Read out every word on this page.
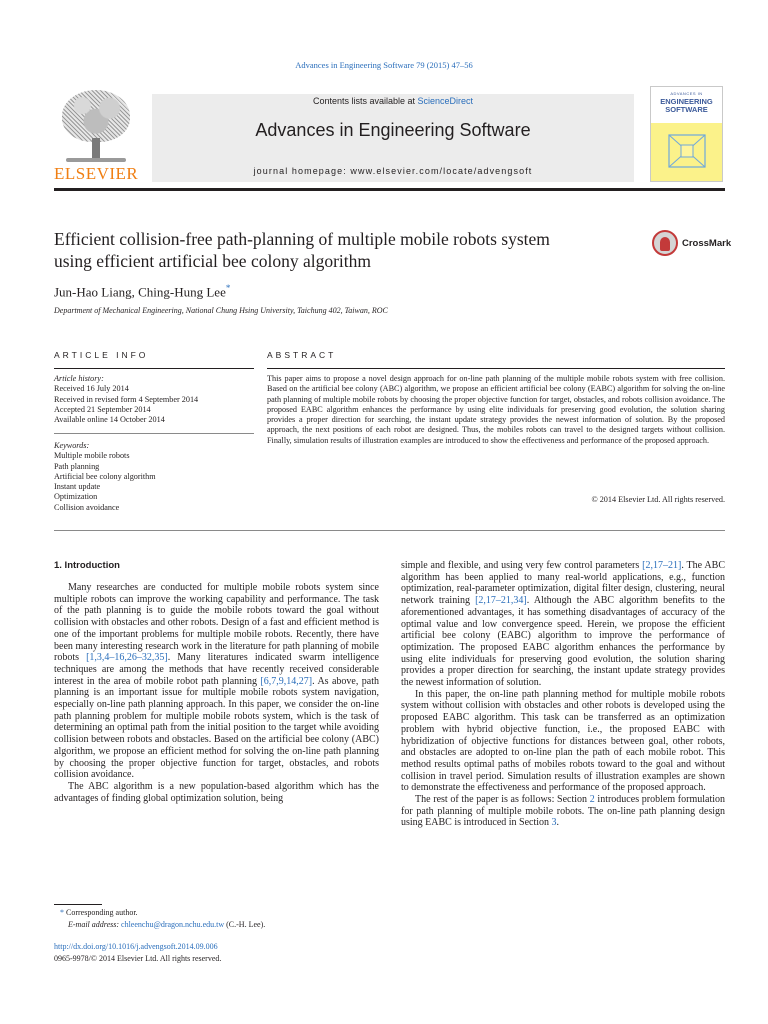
Advances in Engineering Software 79 (2015) 47–56
ELSEVIER
Contents lists available at ScienceDirect
Advances in Engineering Software
journal homepage: www.elsevier.com/locate/advengsoft
ADVANCES IN
ENGINEERING
SOFTWARE
Efficient collision-free path-planning of multiple mobile robots system
using efficient artificial bee colony algorithm
CrossMark
Jun-Hao Liang, Ching-Hung Lee*
Department of Mechanical Engineering, National Chung Hsing University, Taichung 402, Taiwan, ROC
ARTICLE INFO	ABSTRACT
Article history:
Received 16 July 2014
Received in revised form 4 September 2014
Accepted 21 September 2014
Available online 14 October 2014
Keywords:
Multiple mobile robots
Path planning
Artificial bee colony algorithm
Instant update
Optimization
Collision avoidance
This paper aims to propose a novel design approach for on-line path planning of the multiple mobile robots system with free collision. Based on the artificial bee colony (ABC) algorithm, we propose an efficient artificial bee colony (EABC) algorithm for solving the on-line path planning of multiple mobile robots by choosing the proper objective function for target, obstacles, and robots collision avoidance. The proposed EABC algorithm enhances the performance by using elite individuals for preserving good evolution, the solution sharing provides a proper direction for searching, the instant update strategy provides the newest information of solution. By the proposed approach, the next positions of each robot are designed. Thus, the mobiles robots can travel to the designed targets without collision. Finally, simulation results of illustration examples are introduced to show the effectiveness and performance of the proposed approach.
© 2014 Elsevier Ltd. All rights reserved.
1. Introduction

Many researches are conducted for multiple mobile robots system since multiple robots can improve the working capability and performance. The task of the path planning is to guide the mobile robots toward the goal without collision with obstacles and other robots. Design of a fast and efficient method is one of the important problems for multiple mobile robots. Recently, there have been many interesting research work in the literature for path planning of mobile robots [1,3,4–16,26–32,35]. Many literatures indicated swarm intelligence techniques are among the methods that have recently received considerable interest in the area of mobile robot path planning [6,7,9,14,27]. As above, path planning is an important issue for multiple mobile robots system navigation, especially on-line path planning approach. In this paper, we consider the on-line path planning problem for multiple mobile robots system, which is the task of determining an optimal path from the initial position to the target while avoiding collision between robots and obstacles. Based on the artificial bee colony (ABC) algorithm, we propose an efficient method for solving the on-line path planning by choosing the proper objective function for target, obstacles, and robots collision avoidance.

The ABC algorithm is a new population-based algorithm which has the advantages of finding global optimization solution, being

simple and flexible, and using very few control parameters [2,17–21]. The ABC algorithm has been applied to many real-world applications, e.g., function optimization, real-parameter optimization, digital filter design, clustering, neural network training [2,17–21,34]. Although the ABC algorithm benefits to the aforementioned advantages, it has something disadvantages of accuracy of the optimal value and low convergence speed. Herein, we propose the efficient artificial bee colony (EABC) algorithm to improve the performance of optimization. The proposed EABC algorithm enhances the performance by using elite individuals for preserving good evolution, the solution sharing provides a proper direction for searching, the instant update strategy provides the newest information of solution.

In this paper, the on-line path planning method for multiple mobile robots system without collision with obstacles and other robots is developed using the proposed EABC algorithm. This task can be transferred as an optimization problem with hybrid objective function, i.e., the proposed EABC with hybridization of objective functions for distances between goal, other robots, and obstacles are adopted to on-line plan the path of each mobile robot. This method results optimal paths of mobiles robots toward to the goal and without collision in travel period. Simulation results of illustration examples are shown to demonstrate the effectiveness and performance of the proposed approach.

The rest of the paper is as follows: Section 2 introduces problem formulation for path planning of multiple mobile robots. The on-line path planning design using EABC is introduced in Section 3.

* Corresponding author.
E-mail address: chleenchu@dragon.nchu.edu.tw (C.-H. Lee).
http://dx.doi.org/10.1016/j.advengsoft.2014.09.006
0965-9978/© 2014 Elsevier Ltd. All rights reserved.
